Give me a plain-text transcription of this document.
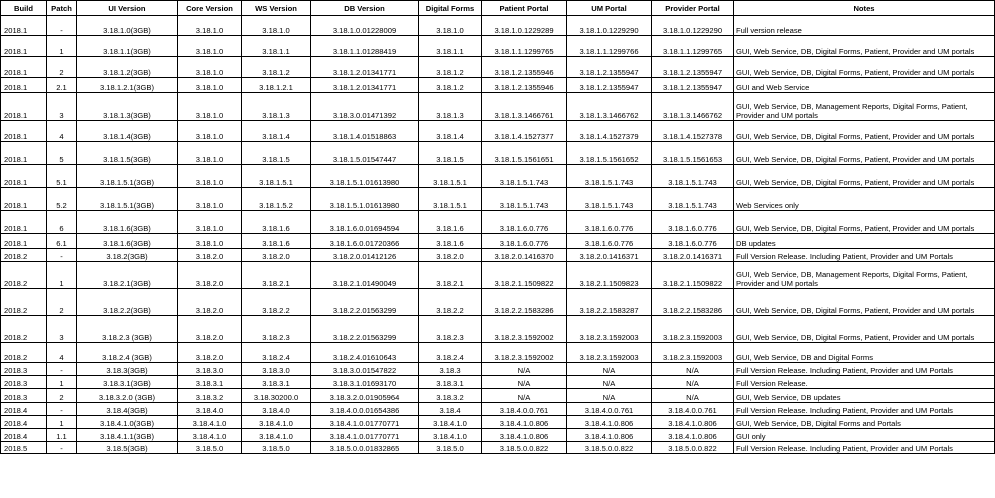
Build	Patch	UI Version	Core Version	WS Version	DB Version	Digital Forms	Patient Portal	UM Portal	Provider Portal	Notes
2018.1	-	3.18.1.0(3GB)	3.18.1.0	3.18.1.0	3.18.1.0.01228009	3.18.1.0	3.18.1.0.1229289	3.18.1.0.1229290	3.18.1.0.1229290	Full version release
2018.1	1	3.18.1.1(3GB)	3.18.1.0	3.18.1.1	3.18.1.1.01288419	3.18.1.1	3.18.1.1.1299765	3.18.1.1.1299766	3.18.1.1.1299765	GUI, Web Service, DB, Digital Forms, Patient, Provider and UM portals
2018.1	2	3.18.1.2(3GB)	3.18.1.0	3.18.1.2	3.18.1.2.01341771	3.18.1.2	3.18.1.2.1355946	3.18.1.2.1355947	3.18.1.2.1355947	GUI, Web Service, DB, Digital Forms, Patient, Provider and UM portals
2018.1	2.1	3.18.1.2.1(3GB)	3.18.1.0	3.18.1.2.1	3.18.1.2.01341771	3.18.1.2	3.18.1.2.1355946	3.18.1.2.1355947	3.18.1.2.1355947	GUI and Web Service
2018.1	3	3.18.1.3(3GB)	3.18.1.0	3.18.1.3	3.18.3.0.01471392	3.18.1.3	3.18.1.3.1466761	3.18.1.3.1466762	3.18.1.3.1466762	GUI, Web Service, DB, Management Reports, Digital Forms, Patient, Provider and UM portals
2018.1	4	3.18.1.4(3GB)	3.18.1.0	3.18.1.4	3.18.1.4.01518863	3.18.1.4	3.18.1.4.1527377	3.18.1.4.1527379	3.18.1.4.1527378	GUI, Web Service, DB, Digital Forms, Patient, Provider and UM portals
2018.1	5	3.18.1.5(3GB)	3.18.1.0	3.18.1.5	3.18.1.5.01547447	3.18.1.5	3.18.1.5.1561651	3.18.1.5.1561652	3.18.1.5.1561653	GUI, Web Service, DB, Digital Forms, Patient, Provider and UM portals
2018.1	5.1	3.18.1.5.1(3GB)	3.18.1.0	3.18.1.5.1	3.18.1.5.1.01613980	3.18.1.5.1	3.18.1.5.1.743	3.18.1.5.1.743	3.18.1.5.1.743	GUI, Web Service, DB, Digital Forms, Patient, Provider and UM portals
2018.1	5.2	3.18.1.5.1(3GB)	3.18.1.0	3.18.1.5.2	3.18.1.5.1.01613980	3.18.1.5.1	3.18.1.5.1.743	3.18.1.5.1.743	3.18.1.5.1.743	Web Services only
2018.1	6	3.18.1.6(3GB)	3.18.1.0	3.18.1.6	3.18.1.6.0.01694594	3.18.1.6	3.18.1.6.0.776	3.18.1.6.0.776	3.18.1.6.0.776	GUI, Web Service, DB, Digital Forms, Patient, Provider and UM portals
2018.1	6.1	3.18.1.6(3GB)	3.18.1.0	3.18.1.6	3.18.1.6.0.01720366	3.18.1.6	3.18.1.6.0.776	3.18.1.6.0.776	3.18.1.6.0.776	DB updates
2018.2	-	3.18.2(3GB)	3.18.2.0	3.18.2.0	3.18.2.0.01412126	3.18.2.0	3.18.2.0.1416370	3.18.2.0.1416371	3.18.2.0.1416371	Full Version Release. Including Patient, Provider and UM Portals
2018.2	1	3.18.2.1(3GB)	3.18.2.0	3.18.2.1	3.18.2.1.01490049	3.18.2.1	3.18.2.1.1509822	3.18.2.1.1509823	3.18.2.1.1509822	GUI, Web Service, DB, Management Reports, Digital Forms, Patient, Provider and UM portals
2018.2	2	3.18.2.2(3GB)	3.18.2.0	3.18.2.2	3.18.2.2.01563299	3.18.2.2	3.18.2.2.1583286	3.18.2.2.1583287	3.18.2.2.1583286	GUI, Web Service, DB, Digital Forms, Patient, Provider and UM portals
2018.2	3	3.18.2.3 (3GB)	3.18.2.0	3.18.2.3	3.18.2.2.01563299	3.18.2.3	3.18.2.3.1592002	3.18.2.3.1592003	3.18.2.3.1592003	GUI, Web Service, DB, Digital Forms, Patient, Provider and UM portals
2018.2	4	3.18.2.4 (3GB)	3.18.2.0	3.18.2.4	3.18.2.4.01610643	3.18.2.4	3.18.2.3.1592002	3.18.2.3.1592003	3.18.2.3.1592003	GUI, Web Service, DB and Digital Forms
2018.3	-	3.18.3(3GB)	3.18.3.0	3.18.3.0	3.18.3.0.01547822	3.18.3	N/A	N/A	N/A	Full Version Release. Including Patient, Provider and UM Portals
2018.3	1	3.18.3.1(3GB)	3.18.3.1	3.18.3.1	3.18.3.1.01693170	3.18.3.1	N/A	N/A	N/A	Full Version Release.
2018.3	2	3.18.3.2.0 (3GB)	3.18.3.2	3.18.30200.0	3.18.3.2.0.01905964	3.18.3.2	N/A	N/A	N/A	GUI, Web Service, DB updates
2018.4	-	3.18.4(3GB)	3.18.4.0	3.18.4.0	3.18.4.0.0.01654386	3.18.4	3.18.4.0.0.761	3.18.4.0.0.761	3.18.4.0.0.761	Full Version Release. Including Patient, Provider and UM Portals
2018.4	1	3.18.4.1.0(3GB)	3.18.4.1.0	3.18.4.1.0	3.18.4.1.0.01770771	3.18.4.1.0	3.18.4.1.0.806	3.18.4.1.0.806	3.18.4.1.0.806	GUI, Web Service, DB, Digital Forms and Portals
2018.4	1.1	3.18.4.1.1(3GB)	3.18.4.1.0	3.18.4.1.0	3.18.4.1.0.01770771	3.18.4.1.0	3.18.4.1.0.806	3.18.4.1.0.806	3.18.4.1.0.806	GUI only
2018.5	-	3.18.5(3GB)	3.18.5.0	3.18.5.0	3.18.5.0.0.01832865	3.18.5.0	3.18.5.0.0.822	3.18.5.0.0.822	3.18.5.0.0.822	Full Version Release. Including Patient, Provider and UM Portals
